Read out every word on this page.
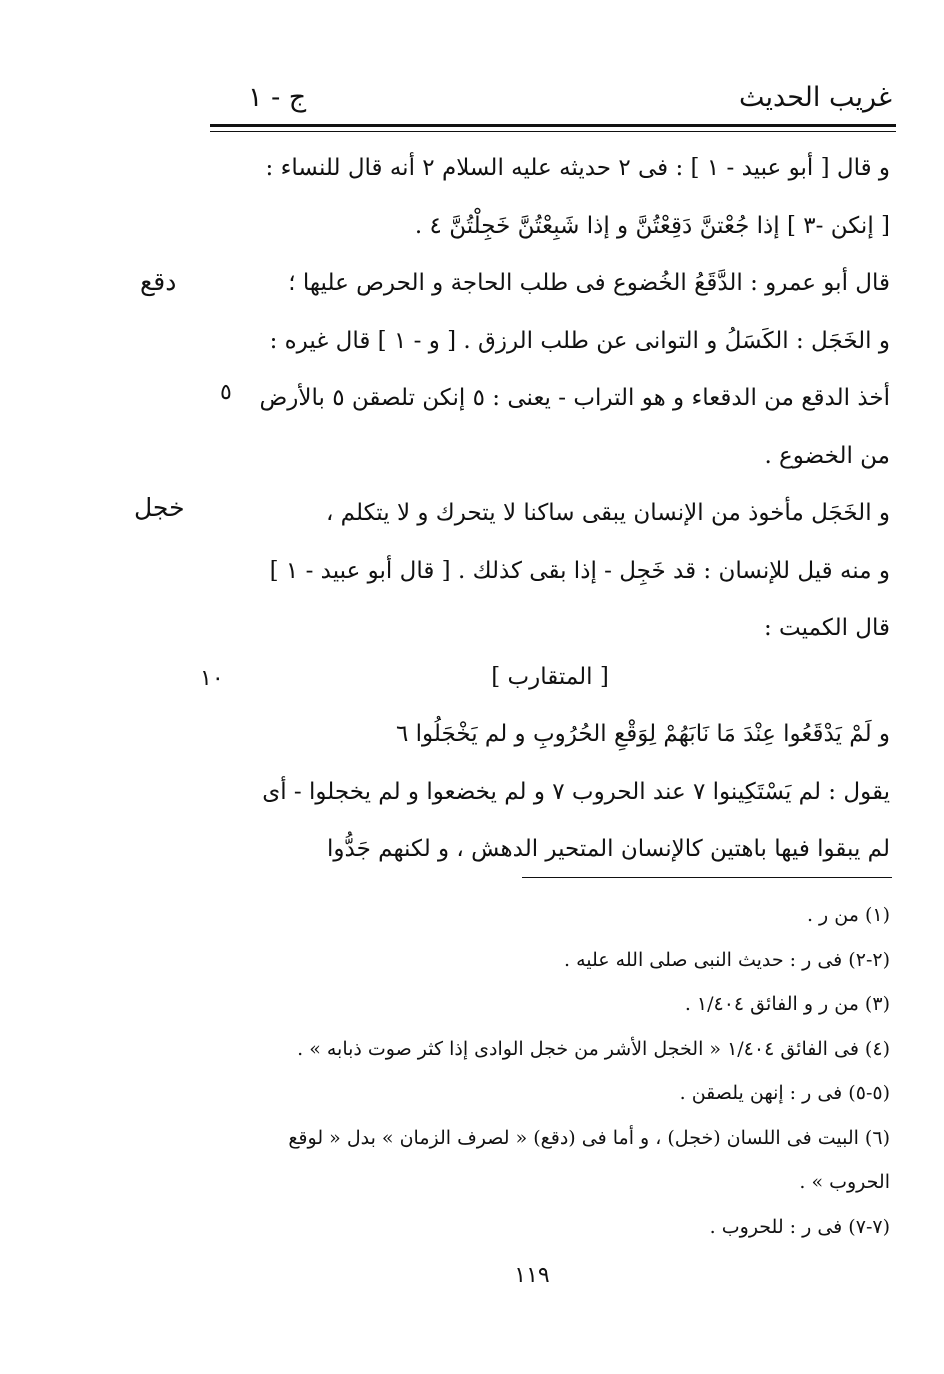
غريب الحديث
ج - ١
و قال [ أبو عبيد - ١ ] : فى ٢ حديثه عليه السلام ٢ أنه قال للنساء :
[ إنكن -٣ ] إذا جُعْتنَّ دَقِعْتُنَّ و إذا شَبِعْتُنَّ خَجِلْتُنَّ ٤ .
قال أبو عمرو : الدَّقَعُ الخُضوع فى طلب الحاجة و الحرص عليها ؛
و الخَجَل : الكَسَلُ و التوانى عن طلب الرزق . [ و - ١ ] قال غيره :
أخذ الدقع من الدقعاء و هو التراب - يعنى : ٥ إنكن تلصقن ٥ بالأرض
من الخضوع .
و الخَجَل مأخوذ من الإنسان يبقى ساكنا لا يتحرك و لا يتكلم ،
و منه قيل للإنسان : قد خَجِل - إذا بقى كذلك . [ قال أبو عبيد - ١ ]
قال الكميت :
[ المتقارب ]
و لَمْ يَدْقَعُوا عِنْدَ مَا نَابَهُمْ لِوَقْعِ الحُرُوبِ و لم يَخْجَلُوا ٦
يقول : لم يَسْتَكِينوا ٧ عند الحروب ٧ و لم يخضعوا و لم يخجلوا - أى
لم يبقوا فيها باهتين كالإنسان المتحير الدهش ، و لكنهم جَدُّوا
دقع
خجل
٥
١٠
(١) من ر .
(٢-٢) فى ر : حديث النبى صلى الله عليه .
(٣) من ر و الفائق ١/٤٠٤ .
(٤) فى الفائق ١/٤٠٤ « الخجل الأشر من خجل الوادى إذا كثر صوت ذبابه » .
(٥-٥) فى ر : إنهن يلصقن .
(٦) البيت فى اللسان (خجل) ، و أما فى (دقع) « لصرف الزمان » بدل « لوقع
الحروب » .
(٧-٧) فى ر : للحروب .
١١٩
